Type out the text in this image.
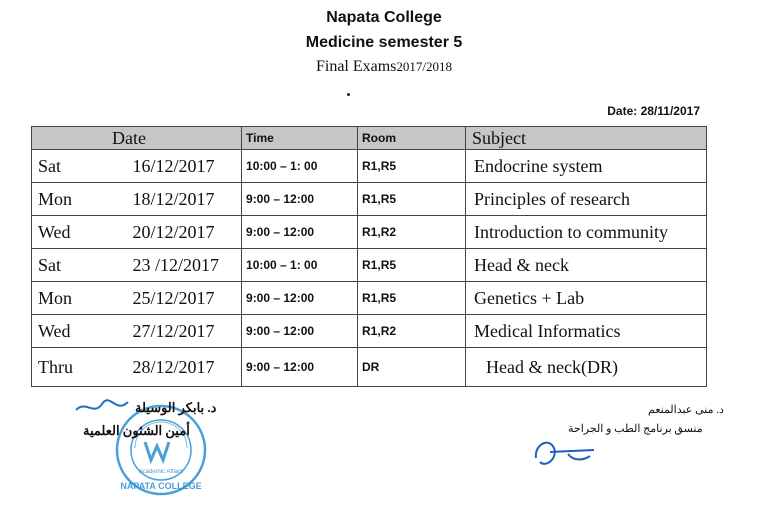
Napata College
Medicine semester 5
Final Exams2017/2018
Date: 28/11/2017
Date		Time	Room	Subject
Sat	16/12/2017	10:00 – 1: 00	R1,R5	Endocrine system
Mon	18/12/2017	9:00 – 12:00	R1,R5	Principles of research
Wed	20/12/2017	9:00 – 12:00	R1,R2	Introduction to community
Sat	23 /12/2017	10:00 – 1: 00	R1,R5	Head & neck
Mon	25/12/2017	9:00 – 12:00	R1,R5	Genetics + Lab
Wed	27/12/2017	9:00 – 12:00	R1,R2	Medical Informatics
Thru	28/12/2017	9:00 – 12:00	DR	Head & neck(DR)
NAPATA COLLEGE
Academic Affairs
د. بابكر الوسيلة
أمين الشئون العلمية
د. منى عبدالمنعم
منسق برنامج الطب و الجراحة
